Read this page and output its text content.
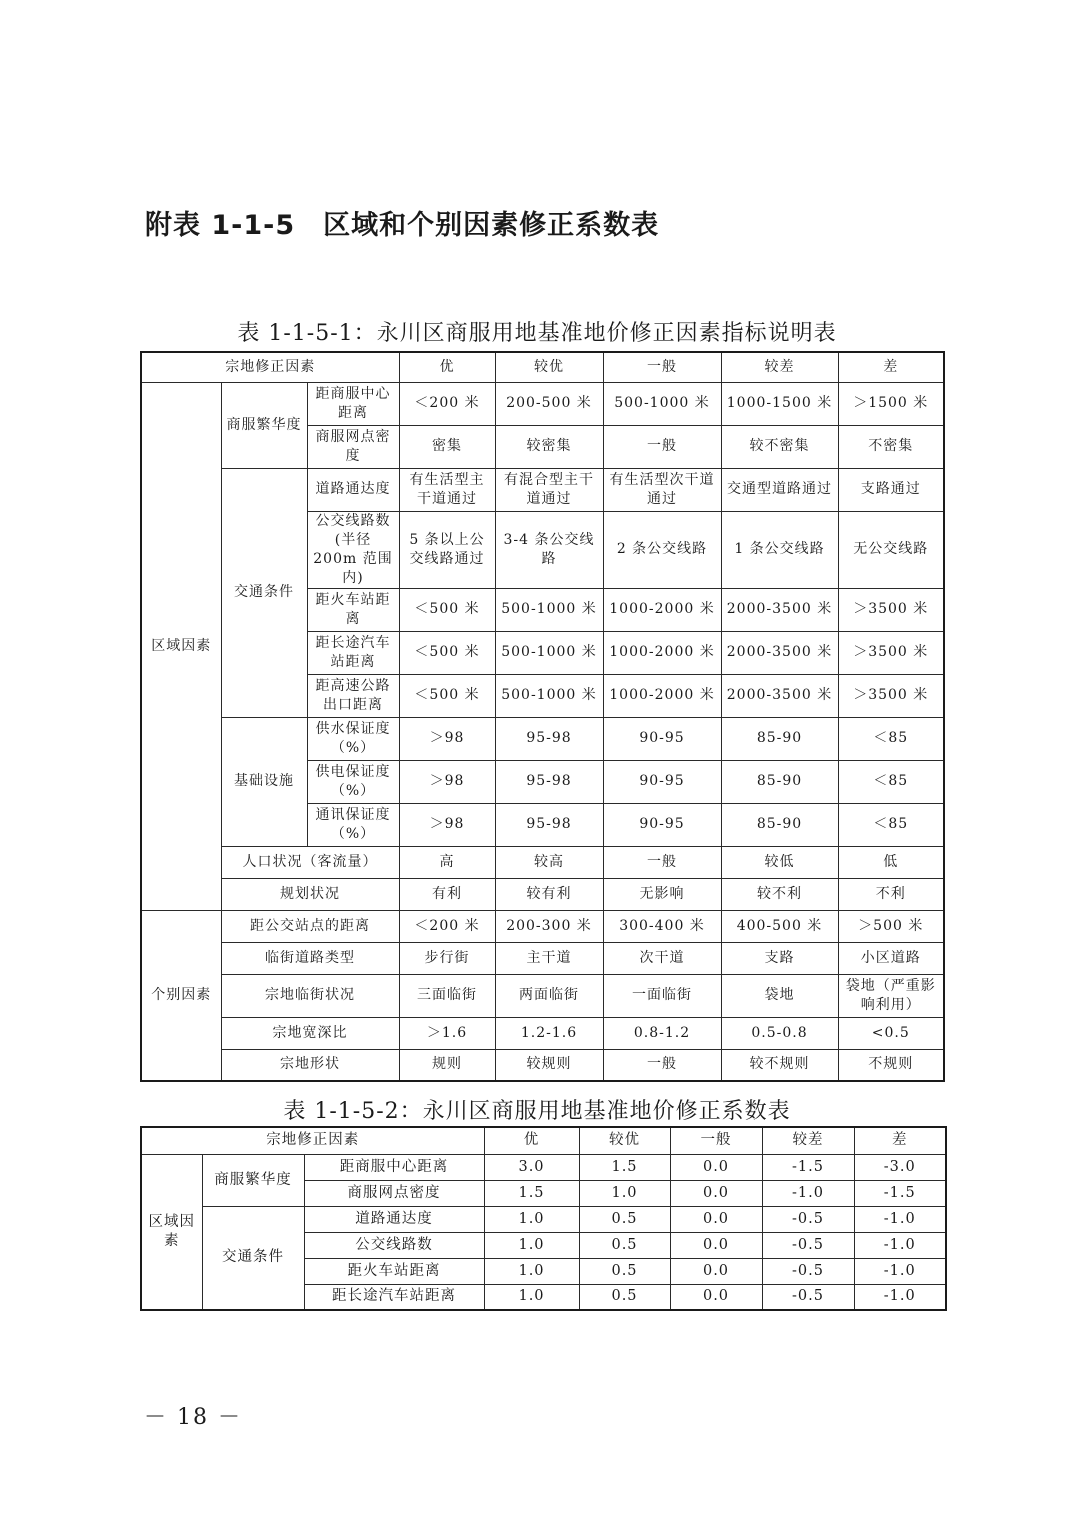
附表 1-1-5　区域和个别因素修正系数表
表 1-1-5-1：永川区商服用地基准地价修正因素指标说明表
宗地修正因素			优	较优	一般	较差	差
区域因素	商服繁华度	距商服中心距离	＜200 米	200-500 米	500-1000 米	1000-1500 米	＞1500 米
		商服网点密度	密集	较密集	一般	较不密集	不密集
	交通条件	道路通达度	有生活型主干道通过	有混合型主干道通过	有生活型次干道通过	交通型道路通过	支路通过
		公交线路数(半径 200m 范围内)	5 条以上公交线路通过	3-4 条公交线路	2 条公交线路	1 条公交线路	无公交线路
		距火车站距离	＜500 米	500-1000 米	1000-2000 米	2000-3500 米	＞3500 米
		距长途汽车站距离	＜500 米	500-1000 米	1000-2000 米	2000-3500 米	＞3500 米
		距高速公路出口距离	＜500 米	500-1000 米	1000-2000 米	2000-3500 米	＞3500 米
	基础设施	供水保证度（%）	＞98	95-98	90-95	85-90	＜85
		供电保证度（%）	＞98	95-98	90-95	85-90	＜85
		通讯保证度（%）	＞98	95-98	90-95	85-90	＜85
	人口状况（客流量）		高	较高	一般	较低	低
	规划状况		有利	较有利	无影响	较不利	不利
个别因素	距公交站点的距离		＜200 米	200-300 米	300-400 米	400-500 米	＞500 米
	临街道路类型		步行街	主干道	次干道	支路	小区道路
	宗地临街状况		三面临街	两面临街	一面临街	袋地	袋地（严重影响利用）
	宗地宽深比		＞1.6	1.2-1.6	0.8-1.2	0.5-0.8	<0.5
	宗地形状		规则	较规则	一般	较不规则	不规则
表 1-1-5-2：永川区商服用地基准地价修正系数表
宗地修正因素			优	较优	一般	较差	差
区域因素	商服繁华度	距商服中心距离	3.0	1.5	0.0	-1.5	-3.0
		商服网点密度	1.5	1.0	0.0	-1.0	-1.5
	交通条件	道路通达度	1.0	0.5	0.0	-0.5	-1.0
		公交线路数	1.0	0.5	0.0	-0.5	-1.0
		距火车站距离	1.0	0.5	0.0	-0.5	-1.0
		距长途汽车站距离	1.0	0.5	0.0	-0.5	-1.0
－ 18 －
